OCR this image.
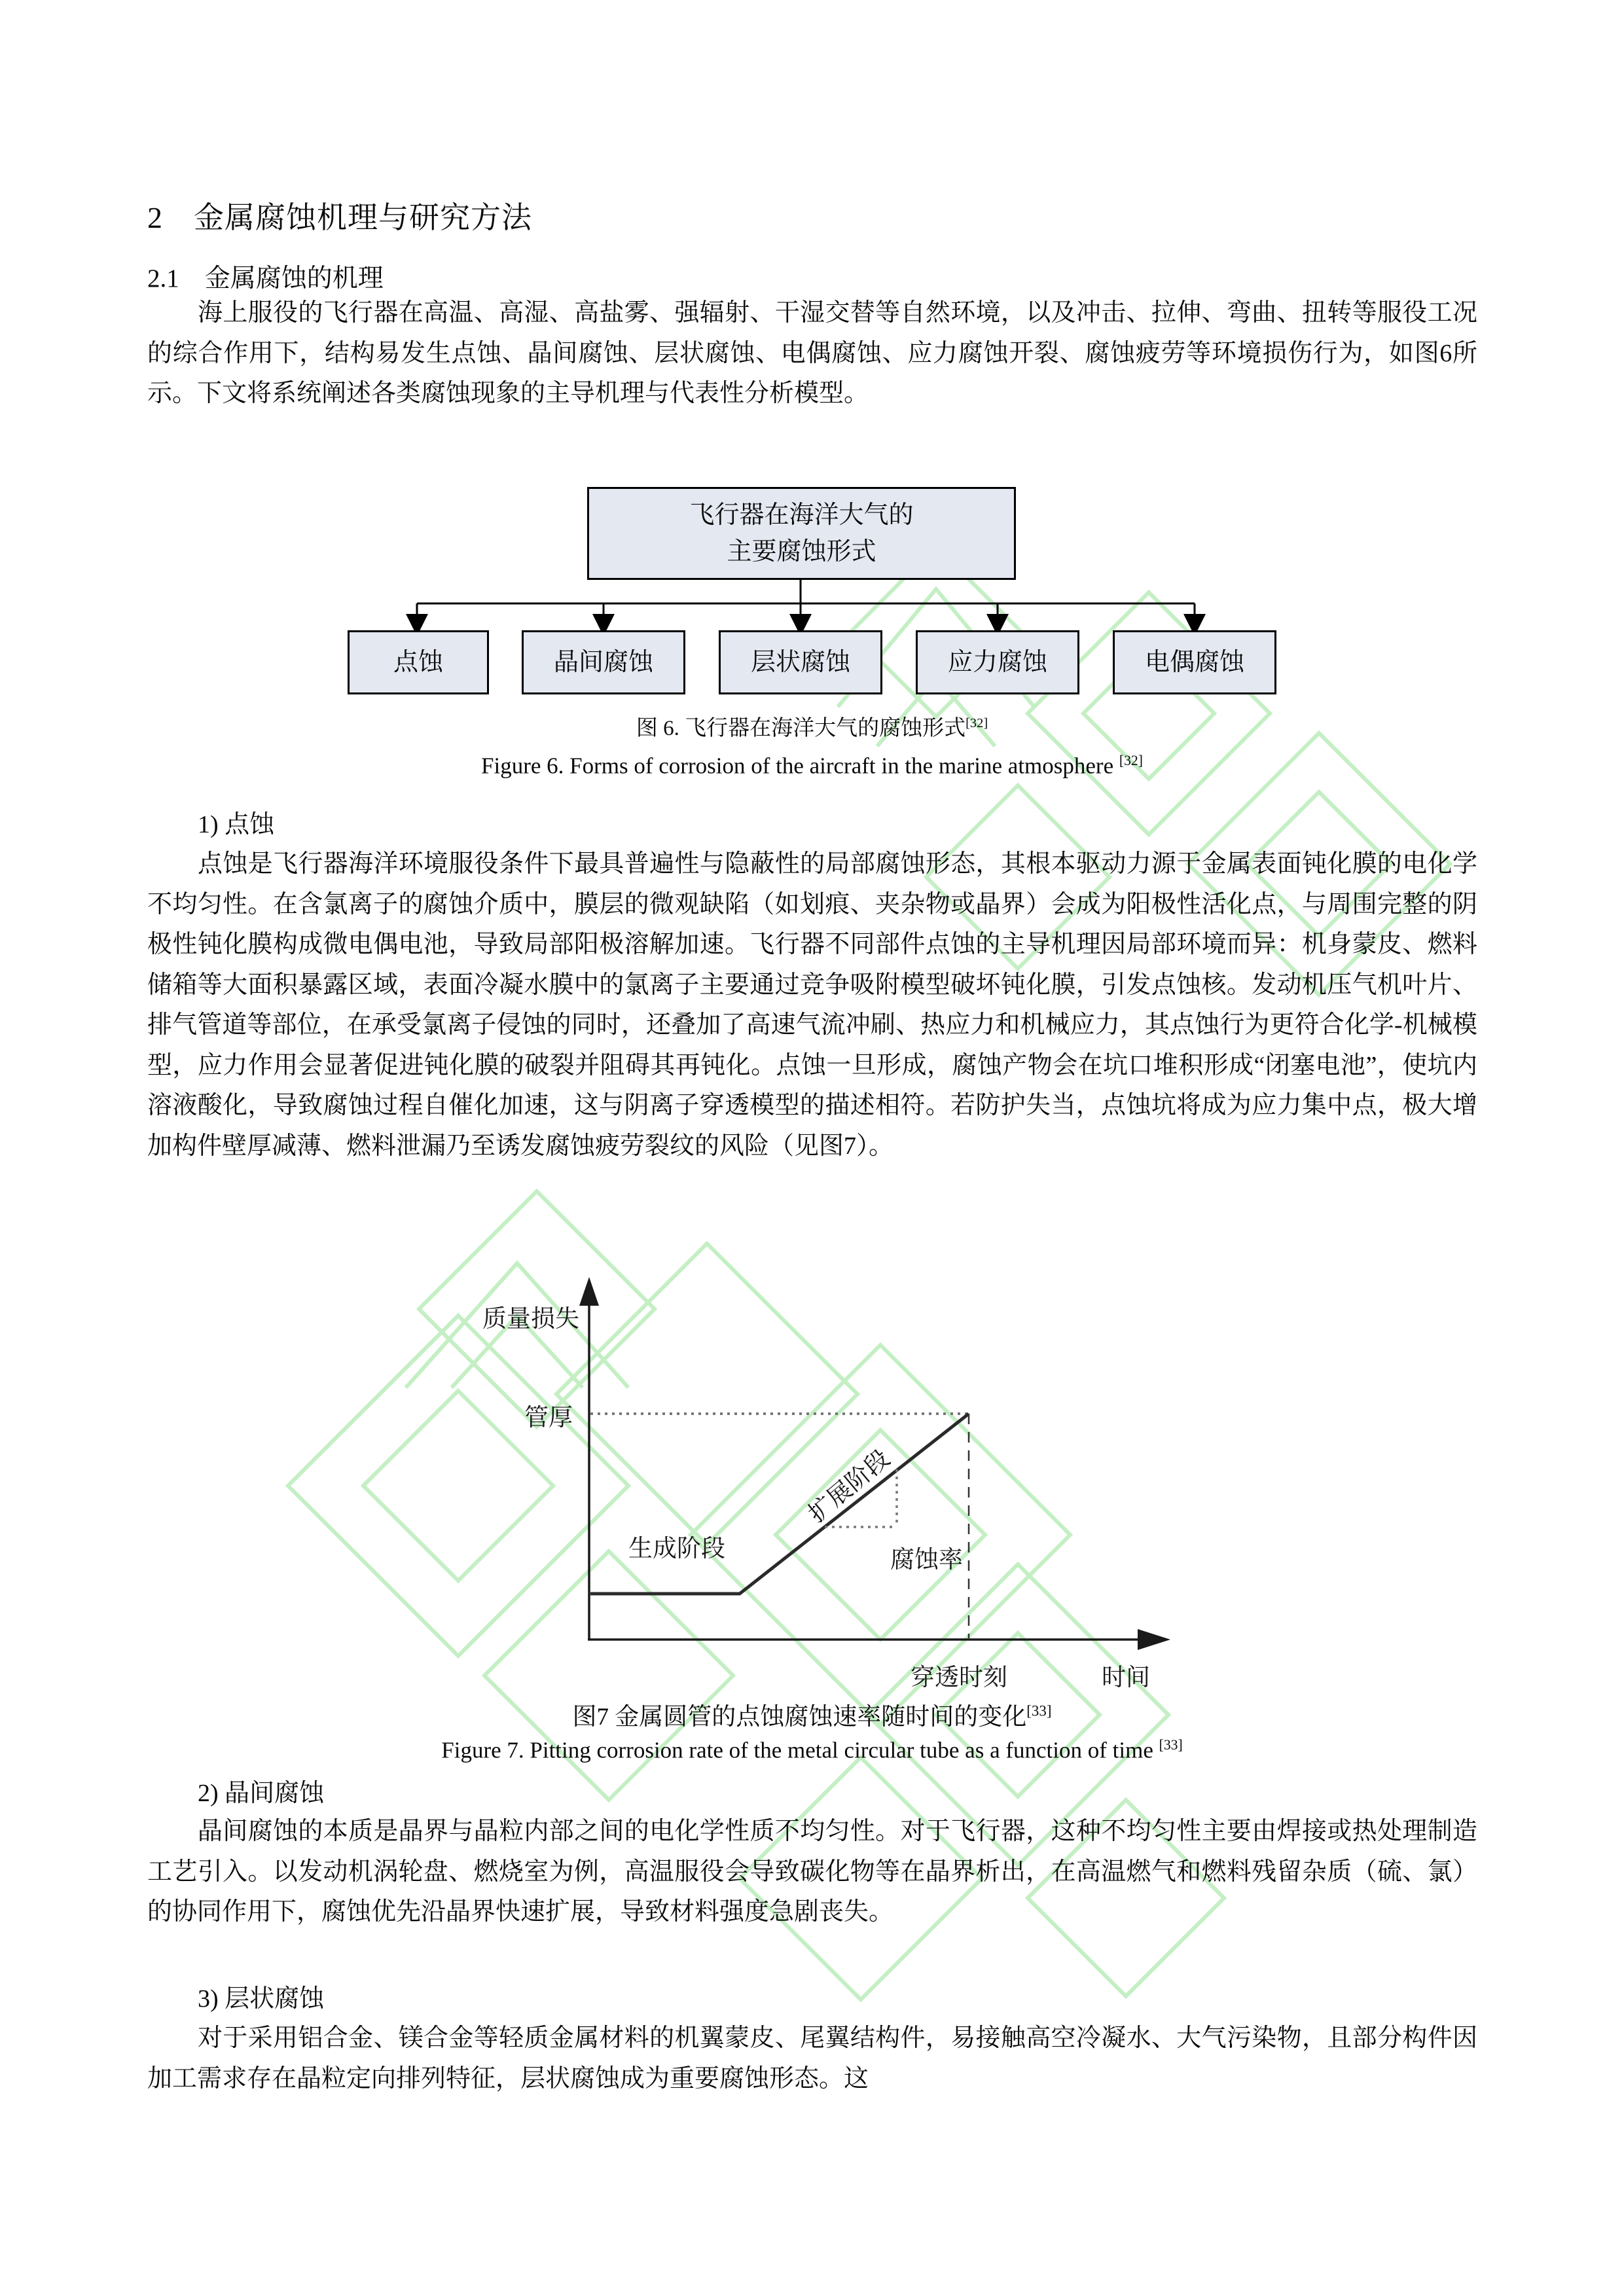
2　金属腐蚀机理与研究方法
2.1　金属腐蚀的机理
海上服役的飞行器在高温、高湿、高盐雾、强辐射、干湿交替等自然环境，以及冲击、拉伸、弯曲、扭转等服役工况的综合作用下，结构易发生点蚀、晶间腐蚀、层状腐蚀、电偶腐蚀、应力腐蚀开裂、腐蚀疲劳等环境损伤行为，如图6所示。下文将系统阐述各类腐蚀现象的主导机理与代表性分析模型。
飞行器在海洋大气的
主要腐蚀形式
点蚀	晶间腐蚀	层状腐蚀	应力腐蚀	电偶腐蚀
图 6. 飞行器在海洋大气的腐蚀形式[32]
Figure 6. Forms of corrosion of the aircraft in the marine atmosphere [32]
1) 点蚀
点蚀是飞行器海洋环境服役条件下最具普遍性与隐蔽性的局部腐蚀形态，其根本驱动力源于金属表面钝化膜的电化学不均匀性。在含氯离子的腐蚀介质中，膜层的微观缺陷（如划痕、夹杂物或晶界）会成为阳极性活化点，与周围完整的阴极性钝化膜构成微电偶电池，导致局部阳极溶解加速。飞行器不同部件点蚀的主导机理因局部环境而异：机身蒙皮、燃料储箱等大面积暴露区域，表面冷凝水膜中的氯离子主要通过竞争吸附模型破坏钝化膜，引发点蚀核。发动机压气机叶片、排气管道等部位，在承受氯离子侵蚀的同时，还叠加了高速气流冲刷、热应力和机械应力，其点蚀行为更符合化学-机械模型，应力作用会显著促进钝化膜的破裂并阻碍其再钝化。点蚀一旦形成，腐蚀产物会在坑口堆积形成“闭塞电池”，使坑内溶液酸化，导致腐蚀过程自催化加速，这与阴离子穿透模型的描述相符。若防护失当，点蚀坑将成为应力集中点，极大增加构件壁厚减薄、燃料泄漏乃至诱发腐蚀疲劳裂纹的风险（见图7）。
质量损失
管厚
生成阶段
扩展阶段
腐蚀率
穿透时刻	时间
图7 金属圆管的点蚀腐蚀速率随时间的变化[33]
Figure 7. Pitting corrosion rate of the metal circular tube as a function of time [33]
2) 晶间腐蚀
晶间腐蚀的本质是晶界与晶粒内部之间的电化学性质不均匀性。对于飞行器，这种不均匀性主要由焊接或热处理制造工艺引入。以发动机涡轮盘、燃烧室为例，高温服役会导致碳化物等在晶界析出，在高温燃气和燃料残留杂质（硫、氯）的协同作用下，腐蚀优先沿晶界快速扩展，导致材料强度急剧丧失。
3) 层状腐蚀
对于采用铝合金、镁合金等轻质金属材料的机翼蒙皮、尾翼结构件，易接触高空冷凝水、大气污染物，且部分构件因加工需求存在晶粒定向排列特征，层状腐蚀成为重要腐蚀形态。这
